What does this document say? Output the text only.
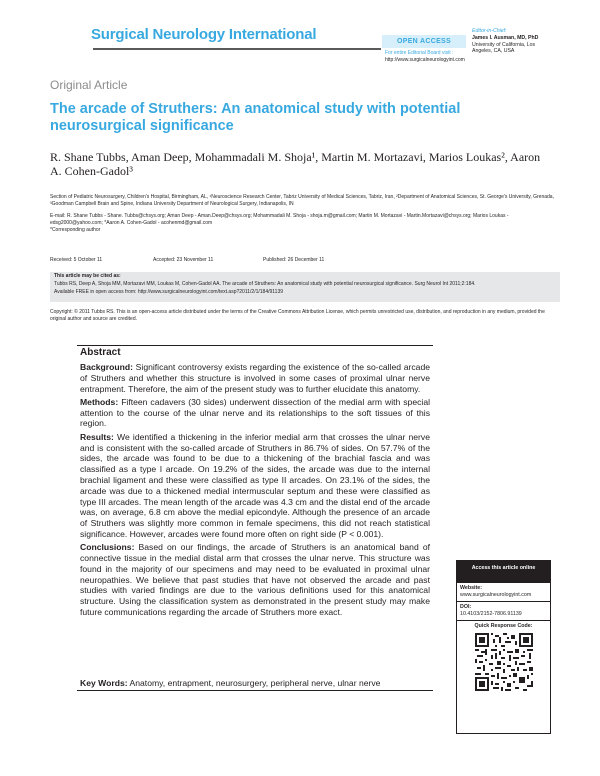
Surgical Neurology International	OPEN ACCESS
For entire Editorial Board visit :
http://www.surgicalneurologyint.com
Editor-in-Chief:
James I. Ausman, MD, PhD
University of California, Los
Angeles, CA, USA
Original Article
The arcade of Struthers: An anatomical study with potential neurosurgical significance
R. Shane Tubbs, Aman Deep, Mohammadali M. Shoja¹, Martin M. Mortazavi, Marios Loukas², Aaron A. Cohen-Gadol³
Section of Pediatric Neurosurgery, Children's Hospital, Birmingham, AL, ¹Neuroscience Research Center, Tabriz University of Medical Sciences, Tabriz, Iran, ²Department of Anatomical Sciences, St. George's University, Grenada, ³Goodman Campbell Brain and Spine, Indiana University Department of Neurological Surgery, Indianapolis, IN
E-mail: R. Shane Tubbs - Shane. Tubbs@chsys.org; Aman Deep - Aman.Deep@chsys.org; Mohammadali M. Shoja - shoja.m@gmail.com; Martin M. Mortazavi - Martin.Mortazavi@chsys.org; Marios Loukas - edsg2000@yahoo.com; *Aaron A. Cohen-Gadol - acohenmd@gmail.com
*Corresponding author
Received: 5 October 11	Accepted: 23 November 11	Published: 26 December 11
This article may be cited as:
Tubbs RS, Deep A, Shoja MM, Mortazavi MM, Loukas M, Cohen-Gadol AA. The arcade of Struthers: An anatomical study with potential neurosurgical significance. Surg Neurol Int 2011;2:184.
Available FREE in open access from: http://www.surgicalneurologyint.com/text.asp?2011/2/1/184/91139
Copyright: © 2011 Tubbs RS. This is an open-access article distributed under the terms of the Creative Commons Attribution License, which permits unrestricted use, distribution, and reproduction in any medium, provided the original author and source are credited.
Abstract

Background: Significant controversy exists regarding the existence of the so-called arcade of Struthers and whether this structure is involved in some cases of proximal ulnar nerve entrapment. Therefore, the aim of the present study was to further elucidate this anatomy.

Methods: Fifteen cadavers (30 sides) underwent dissection of the medial arm with special attention to the course of the ulnar nerve and its relationships to the soft tissues of this region.

Results: We identified a thickening in the inferior medial arm that crosses the ulnar nerve and is consistent with the so-called arcade of Struthers in 86.7% of sides. On 57.7% of the sides, the arcade was found to be due to a thickening of the brachial fascia and was classified as a type I arcade. On 19.2% of the sides, the arcade was due to the internal brachial ligament and these were classified as type II arcades. On 23.1% of the sides, the arcade was due to a thickened medial intermuscular septum and these were classified as type III arcades. The mean length of the arcade was 4.3 cm and the distal end of the arcade was, on average, 6.8 cm above the medial epicondyle. Although the presence of an arcade of Struthers was slightly more common in female specimens, this did not reach statistical significance. However, arcades were found more often on right side (P < 0.001).

Conclusions: Based on our findings, the arcade of Struthers is an anatomical band of connective tissue in the medial distal arm that crosses the ulnar nerve. This structure was found in the majority of our specimens and may need to be evaluated in proximal ulnar neuropathies. We believe that past studies that have not observed the arcade and past studies with varied findings are due to the various definitions used for this anatomical structure. Using the classification system as demonstrated in the present study may make future communications regarding the arcade of Struthers more exact.

Key Words: Anatomy, entrapment, neurosurgery, peripheral nerve, ulnar nerve
Access this article online
Website:
www.surgicalneurologyint.com
DOI:
10.4103/2152-7806.91139
Quick Response Code:
